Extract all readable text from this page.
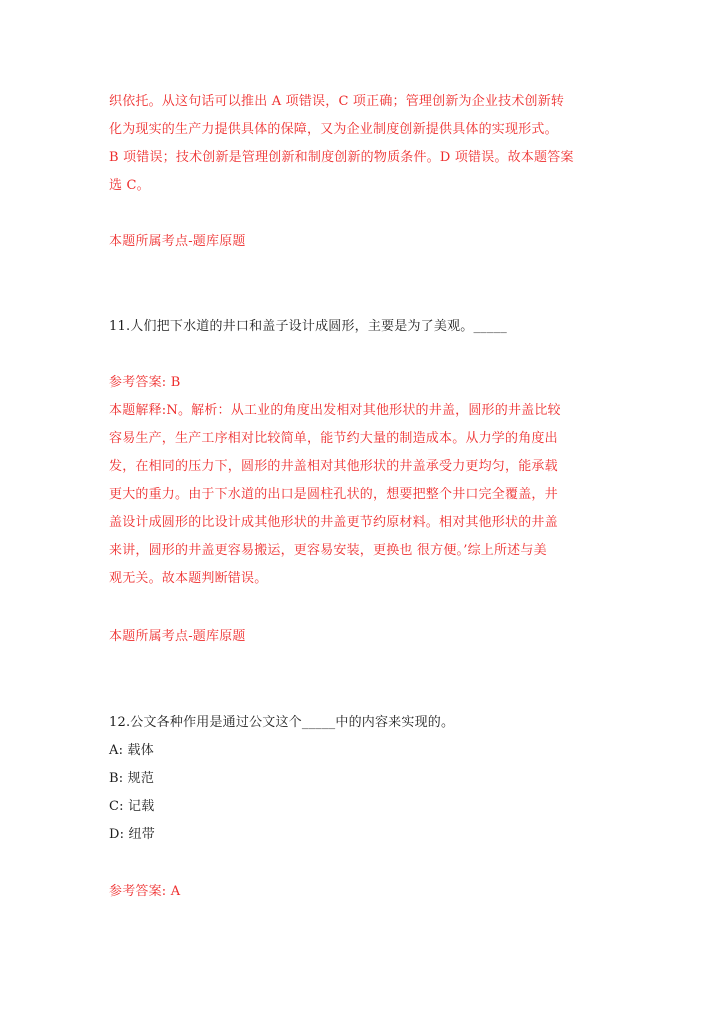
织依托。从这句话可以推出 A 项错误，C 项正确；管理创新为企业技术创新转
化为现实的生产力提供具体的保障，又为企业制度创新提供具体的实现形式。
B 项错误；技术创新是管理创新和制度创新的物质条件。D 项错误。故本题答案
选 C。
本题所属考点-题库原题
11.人们把下水道的井口和盖子设计成圆形，主要是为了美观。_____
参考答案: B
本题解释:N。解析：从工业的角度出发相对其他形状的井盖，圆形的井盖比较
容易生产，生产工序相对比较简单，能节约大量的制造成本。从力学的角度出
发，在相同的压力下，圆形的井盖相对其他形状的井盖承受力更均匀，能承载
更大的重力。由于下水道的出口是圆柱孔状的，想要把整个井口完全覆盖，井
盖设计成圆形的比设计成其他形状的井盖更节约原材料。相对其他形状的井盖
来讲，圆形的井盖更容易搬运，更容易安装，更换也 很方便。’综上所述与美
观无关。故本题判断错误。
本题所属考点-题库原题
12.公文各种作用是通过公文这个_____中的内容来实现的。
A: 载体
B: 规范
C: 记载
D: 纽带
参考答案: A
